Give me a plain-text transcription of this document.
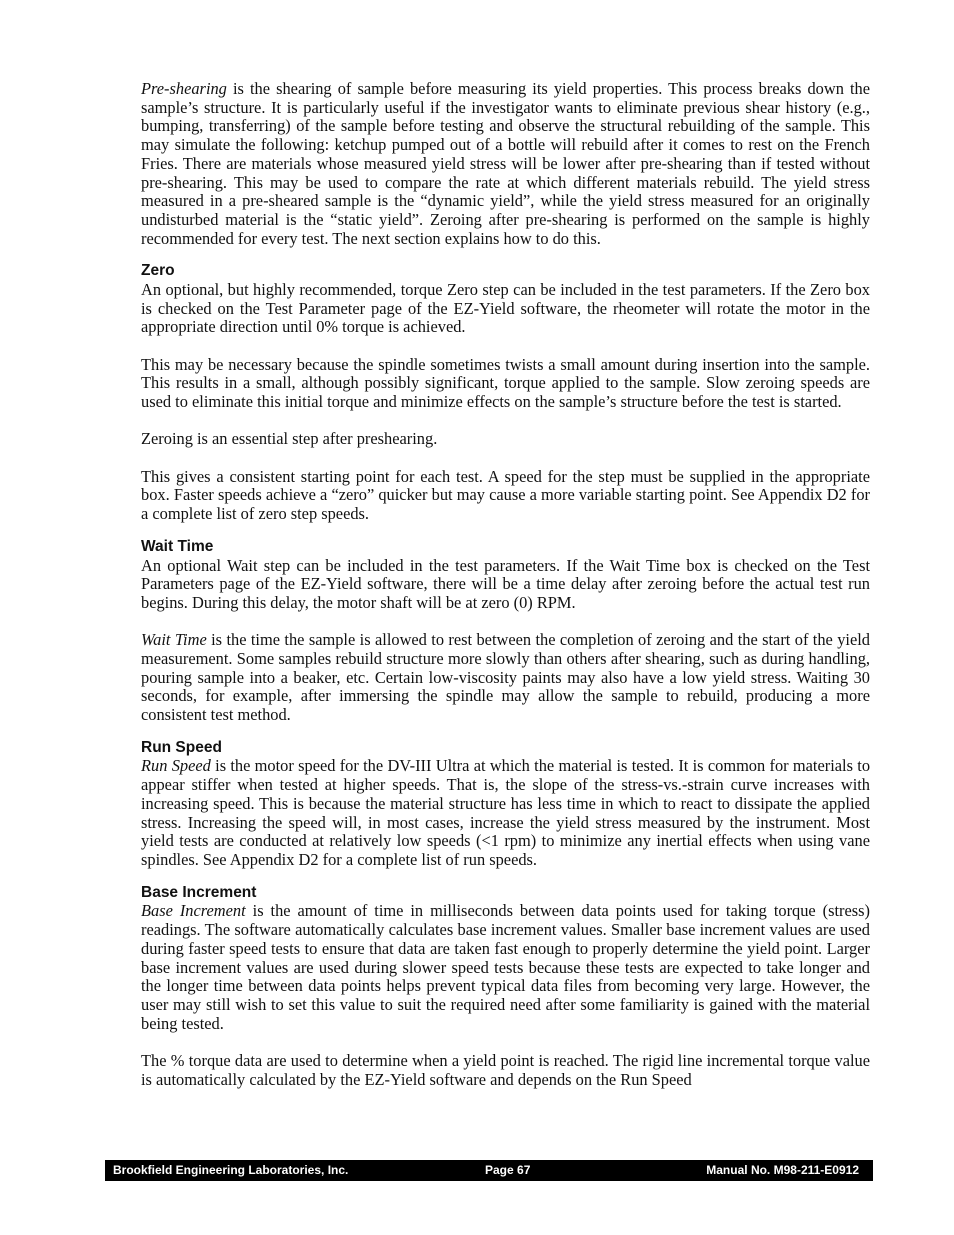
Pre-shearing is the shearing of sample before measuring its yield properties. This process breaks down the sample’s structure. It is particularly useful if the investigator wants to eliminate previous shear history (e.g., bumping, transferring) of the sample before testing and observe the structural rebuilding of the sample. This may simulate the following: ketchup pumped out of a bottle will rebuild after it comes to rest on the French Fries. There are materials whose measured yield stress will be lower after pre-shearing than if tested without pre-shearing. This may be used to compare the rate at which different materials rebuild. The yield stress measured in a pre-sheared sample is the “dynamic yield”, while the yield stress measured for an originally undisturbed material is the “static yield”. Zeroing after pre-shearing is performed on the sample is highly recommended for every test. The next section explains how to do this.

Zero

An optional, but highly recommended, torque Zero step can be included in the test parameters. If the Zero box is checked on the Test Parameter page of the EZ-Yield software, the rheometer will rotate the motor in the appropriate direction until 0% torque is achieved.

This may be necessary because the spindle sometimes twists a small amount during insertion into the sample. This results in a small, although possibly significant, torque applied to the sample. Slow zeroing speeds are used to eliminate this initial torque and minimize effects on the sample’s structure before the test is started.

Zeroing is an essential step after preshearing.

This gives a consistent starting point for each test. A speed for the step must be supplied in the appropriate box. Faster speeds achieve a “zero” quicker but may cause a more variable starting point. See Appendix D2 for a complete list of zero step speeds.

Wait Time

An optional Wait step can be included in the test parameters. If the Wait Time box is checked on the Test Parameters page of the EZ-Yield software, there will be a time delay after zeroing before the actual test run begins. During this delay, the motor shaft will be at zero (0) RPM.

Wait Time is the time the sample is allowed to rest between the completion of zeroing and the start of the yield measurement. Some samples rebuild structure more slowly than others after shearing, such as during handling, pouring sample into a beaker, etc. Certain low-viscosity paints may also have a low yield stress. Waiting 30 seconds, for example, after immersing the spindle may allow the sample to rebuild, producing a more consistent test method.

Run Speed

Run Speed is the motor speed for the DV-III Ultra at which the material is tested. It is common for materials to appear stiffer when tested at higher speeds. That is, the slope of the stress-vs.-strain curve increases with increasing speed. This is because the material structure has less time in which to react to dissipate the applied stress. Increasing the speed will, in most cases, increase the yield stress measured by the instrument. Most yield tests are conducted at relatively low speeds (<1 rpm) to minimize any inertial effects when using vane spindles. See Appendix D2 for a complete list of run speeds.

Base Increment

Base Increment is the amount of time in milliseconds between data points used for taking torque (stress) readings. The software automatically calculates base increment values. Smaller base increment values are used during faster speed tests to ensure that data are taken fast enough to properly determine the yield point. Larger base increment values are used during slower speed tests because these tests are expected to take longer and the longer time between data points helps prevent typical data files from becoming very large. However, the user may still wish to set this value to suit the required need after some familiarity is gained with the material being tested.

The % torque data are used to determine when a yield point is reached. The rigid line incremental torque value is automatically calculated by the EZ-Yield software and depends on the Run Speed

Brookfield Engineering Laboratories, Inc.	Page 67	Manual No. M98-211-E0912
